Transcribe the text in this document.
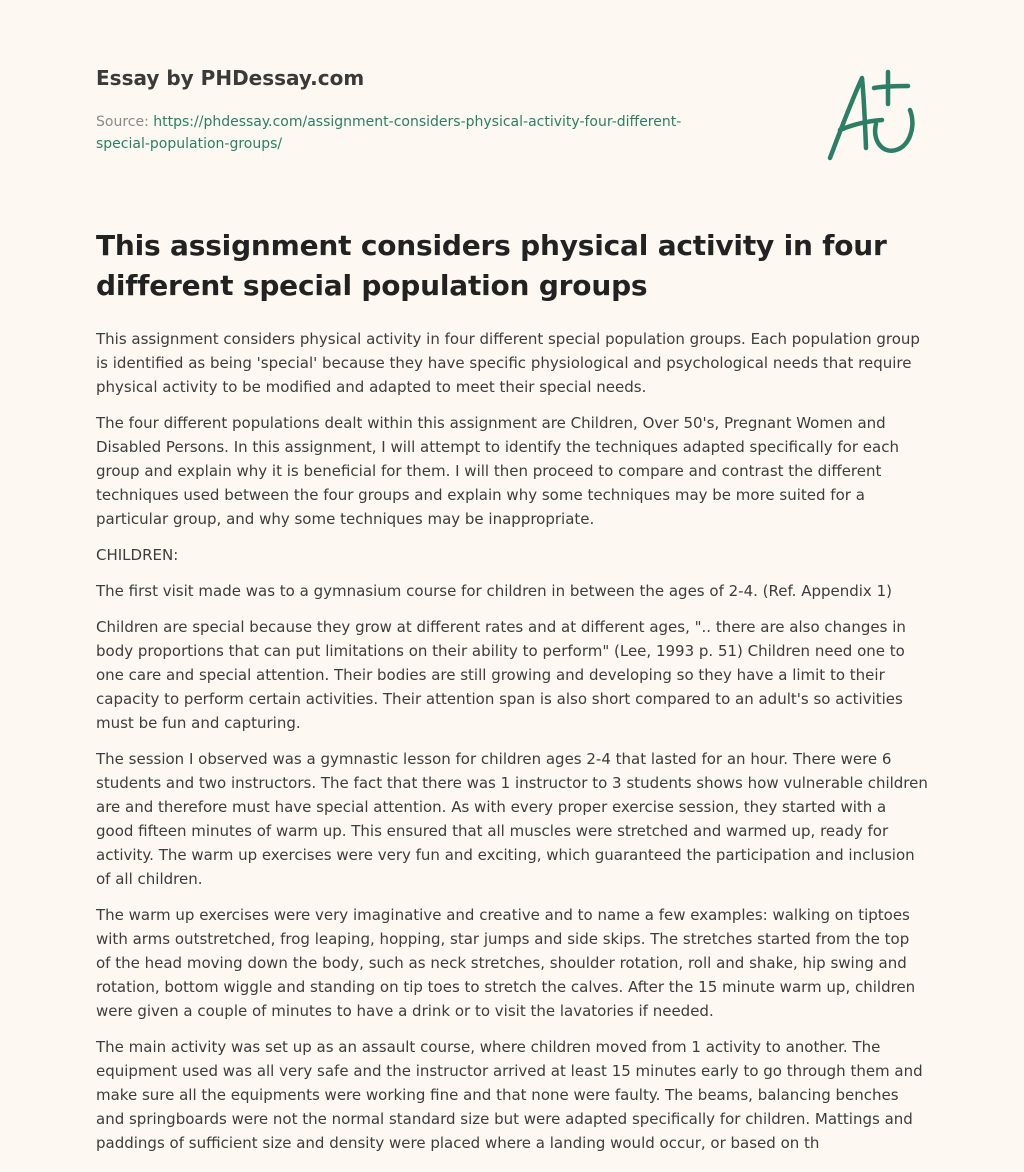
Essay by PHDessay.com
Source: https://phdessay.com/assignment-considers-physical-activity-four-different-
special-population-groups/
This assignment considers physical activity in four different special population groups

This assignment considers physical activity in four different special population groups. Each population group is identified as being 'special' because they have specific physiological and psychological needs that require physical activity to be modified and adapted to meet their special needs.

The four different populations dealt within this assignment are Children, Over 50's, Pregnant Women and Disabled Persons. In this assignment, I will attempt to identify the techniques adapted specifically for each group and explain why it is beneficial for them. I will then proceed to compare and contrast the different techniques used between the four groups and explain why some techniques may be more suited for a particular group, and why some techniques may be inappropriate.

CHILDREN:

The first visit made was to a gymnasium course for children in between the ages of 2-4. (Ref. Appendix 1)

Children are special because they grow at different rates and at different ages, ".. there are also changes in body proportions that can put limitations on their ability to perform" (Lee, 1993 p. 51) Children need one to one care and special attention. Their bodies are still growing and developing so they have a limit to their capacity to perform certain activities. Their attention span is also short compared to an adult's so activities must be fun and capturing.

The session I observed was a gymnastic lesson for children ages 2-4 that lasted for an hour. There were 6 students and two instructors. The fact that there was 1 instructor to 3 students shows how vulnerable children are and therefore must have special attention. As with every proper exercise session, they started with a good fifteen minutes of warm up. This ensured that all muscles were stretched and warmed up, ready for activity. The warm up exercises were very fun and exciting, which guaranteed the participation and inclusion of all children.

The warm up exercises were very imaginative and creative and to name a few examples: walking on tiptoes with arms outstretched, frog leaping, hopping, star jumps and side skips. The stretches started from the top of the head moving down the body, such as neck stretches, shoulder rotation, roll and shake, hip swing and rotation, bottom wiggle and standing on tip toes to stretch the calves. After the 15 minute warm up, children were given a couple of minutes to have a drink or to visit the lavatories if needed.

The main activity was set up as an assault course, where children moved from 1 activity to another. The equipment used was all very safe and the instructor arrived at least 15 minutes early to go through them and make sure all the equipments were working fine and that none were faulty. The beams, balancing benches and springboards were not the normal standard size but were adapted specifically for children. Mattings and paddings of sufficient size and density were placed where a landing would occur, or based on th
